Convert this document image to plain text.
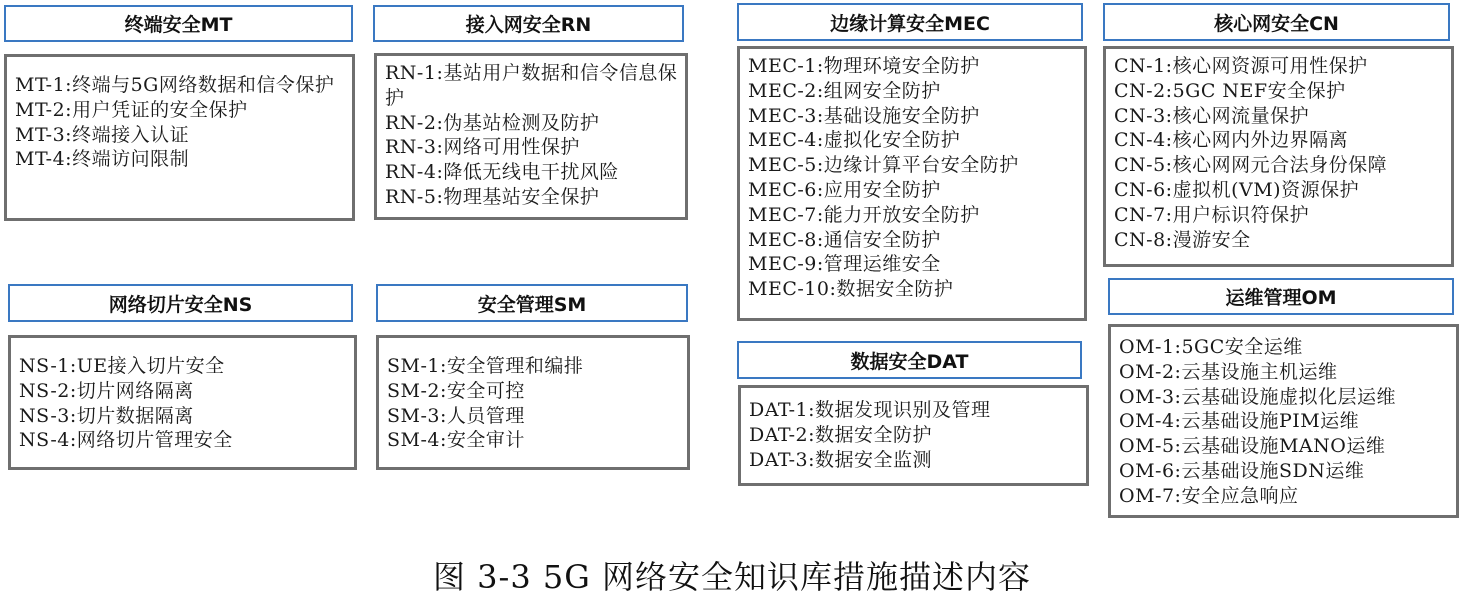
终端安全MT
MT-1:终端与5G网络数据和信令保护
MT-2:用户凭证的安全保护
MT-3:终端接入认证
MT-4:终端访问限制
接入网安全RN
RN-1:基站用户数据和信令信息保护
RN-2:伪基站检测及防护
RN-3:网络可用性保护
RN-4:降低无线电干扰风险
RN-5:物理基站安全保护
边缘计算安全MEC
MEC-1:物理环境安全防护
MEC-2:组网安全防护
MEC-3:基础设施安全防护
MEC-4:虚拟化安全防护
MEC-5:边缘计算平台安全防护
MEC-6:应用安全防护
MEC-7:能力开放安全防护
MEC-8:通信安全防护
MEC-9:管理运维安全
MEC-10:数据安全防护
核心网安全CN
CN-1:核心网资源可用性保护
CN-2:5GC NEF安全保护
CN-3:核心网流量保护
CN-4:核心网内外边界隔离
CN-5:核心网网元合法身份保障
CN-6:虚拟机(VM)资源保护
CN-7:用户标识符保护
CN-8:漫游安全
网络切片安全NS
NS-1:UE接入切片安全
NS-2:切片网络隔离
NS-3:切片数据隔离
NS-4:网络切片管理安全
安全管理SM
SM-1:安全管理和编排
SM-2:安全可控
SM-3:人员管理
SM-4:安全审计
数据安全DAT
DAT-1:数据发现识别及管理
DAT-2:数据安全防护
DAT-3:数据安全监测
运维管理OM
OM-1:5GC安全运维
OM-2:云基设施主机运维
OM-3:云基础设施虚拟化层运维
OM-4:云基础设施PIM运维
OM-5:云基础设施MANO运维
OM-6:云基础设施SDN运维
OM-7:安全应急响应
图 3-3 5G 网络安全知识库措施描述内容
